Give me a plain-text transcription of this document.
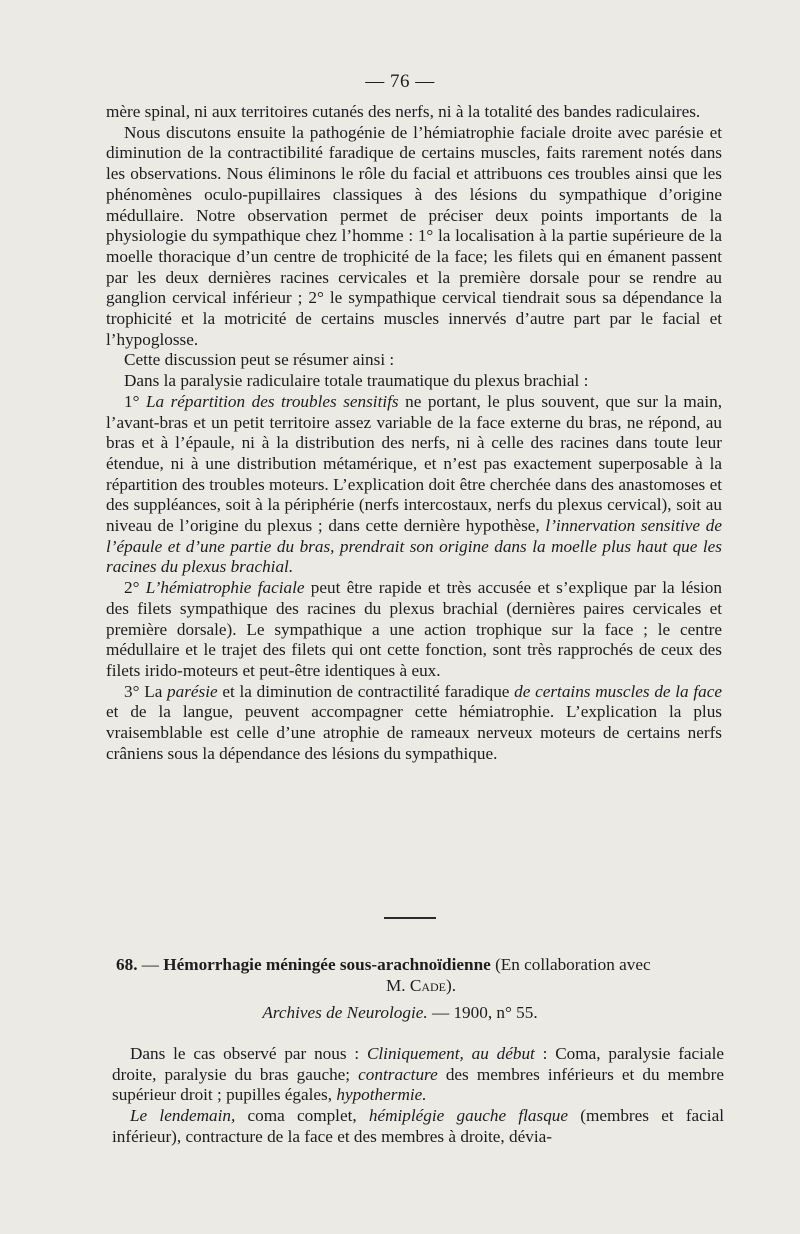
— 76 —

mère spinal, ni aux territoires cutanés des nerfs, ni à la totalité des bandes radiculaires.

Nous discutons ensuite la pathogénie de l’hémiatrophie faciale droite avec parésie et diminution de la contractibilité faradique de certains muscles, faits rarement notés dans les observations. Nous éliminons le rôle du facial et attribuons ces troubles ainsi que les phénomènes oculo-pupillaires classiques à des lésions du sympathique d’origine médullaire. Notre observation permet de préciser deux points importants de la physiologie du sympathique chez l’homme : 1° la localisation à la partie supérieure de la moelle thoracique d’un centre de trophicité de la face; les filets qui en émanent passent par les deux dernières racines cervicales et la première dorsale pour se rendre au ganglion cervical inférieur ; 2° le sympathique cervical tiendrait sous sa dépendance la trophicité et la motricité de certains muscles innervés d’autre part par le facial et l’hypoglosse.

Cette discussion peut se résumer ainsi :

Dans la paralysie radiculaire totale traumatique du plexus brachial :

1° La répartition des troubles sensitifs ne portant, le plus souvent, que sur la main, l’avant-bras et un petit territoire assez variable de la face externe du bras, ne répond, au bras et à l’épaule, ni à la distribution des nerfs, ni à celle des racines dans toute leur étendue, ni à une distribution métamérique, et n’est pas exactement superposable à la répartition des troubles moteurs. L’explication doit être cherchée dans des anastomoses et des suppléances, soit à la périphérie (nerfs intercostaux, nerfs du plexus cervical), soit au niveau de l’origine du plexus ; dans cette dernière hypothèse, l’innervation sensitive de l’épaule et d’une partie du bras, prendrait son origine dans la moelle plus haut que les racines du plexus brachial.

2° L’hémiatrophie faciale peut être rapide et très accusée et s’explique par la lésion des filets sympathique des racines du plexus brachial (dernières paires cervicales et première dorsale). Le sympathique a une action trophique sur la face ; le centre médullaire et le trajet des filets qui ont cette fonction, sont très rapprochés de ceux des filets irido-moteurs et peut-être identiques à eux.

3° La parésie et la diminution de contractilité faradique de certains muscles de la face et de la langue, peuvent accompagner cette hémiatrophie. L’explication la plus vraisemblable est celle d’une atrophie de rameaux nerveux moteurs de certains nerfs crâniens sous la dépendance des lésions du sympathique.

68. — Hémorrhagie méningée sous-arachnoïdienne (En collaboration avec
M. Cade).
Archives de Neurologie. — 1900, n° 55.

Dans le cas observé par nous : Cliniquement, au début : Coma, paralysie faciale droite, paralysie du bras gauche; contracture des membres inférieurs et du membre supérieur droit ; pupilles égales, hypothermie.

Le lendemain, coma complet, hémiplégie gauche flasque (membres et facial inférieur), contracture de la face et des membres à droite, dévia-
